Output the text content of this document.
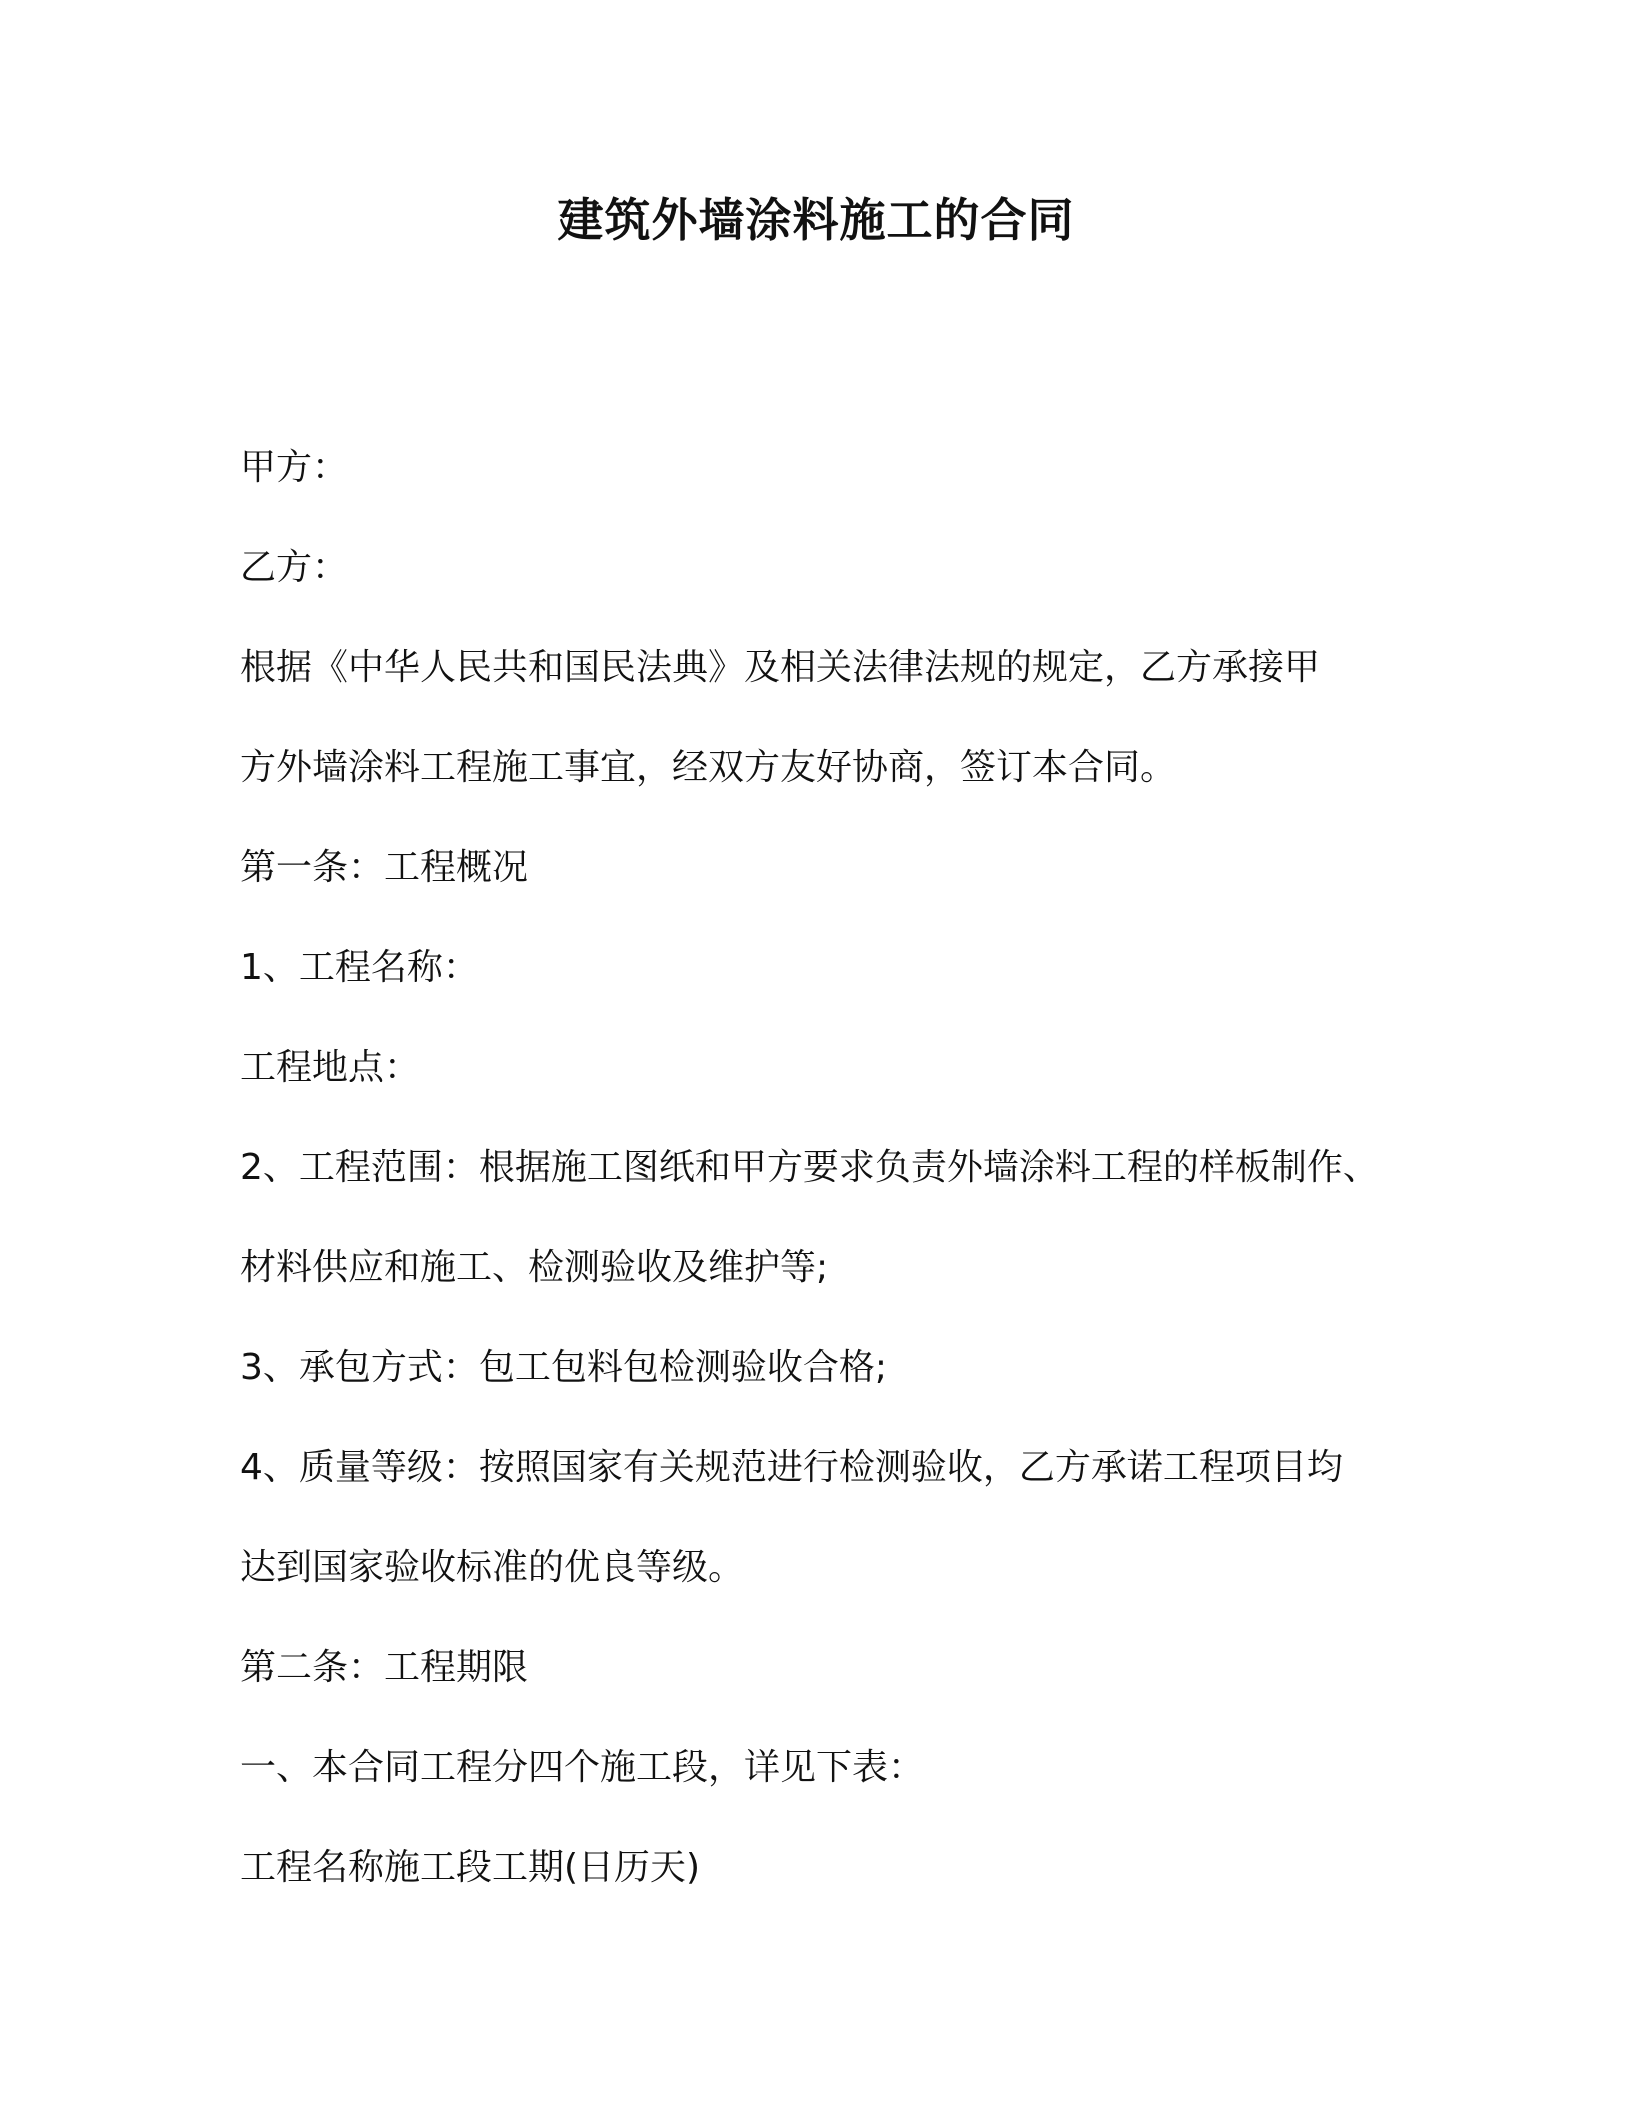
建筑外墙涂料施工的合同
甲方：
乙方：
根据《中华人民共和国民法典》及相关法律法规的规定，乙方承接甲
方外墙涂料工程施工事宜，经双方友好协商，签订本合同。
第一条：工程概况
1、工程名称：
工程地点：
2、工程范围：根据施工图纸和甲方要求负责外墙涂料工程的样板制作、
材料供应和施工、检测验收及维护等;
3、承包方式：包工包料包检测验收合格;
4、质量等级：按照国家有关规范进行检测验收，乙方承诺工程项目均
达到国家验收标准的优良等级。
第二条：工程期限
一、本合同工程分四个施工段，详见下表：
工程名称施工段工期(日历天)
